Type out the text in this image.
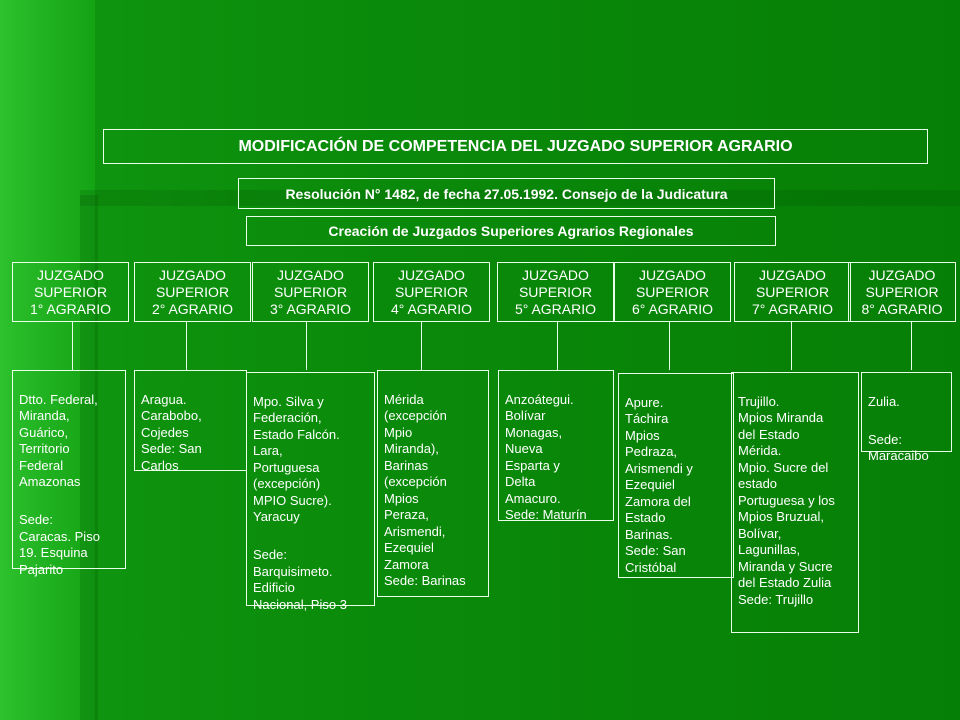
MODIFICACIÓN DE COMPETENCIA DEL JUZGADO SUPERIOR AGRARIO
Resolución N° 1482, de fecha 27.05.1992. Consejo de la Judicatura
Creación de Juzgados Superiores Agrarios Regionales
JUZGADO
SUPERIOR
1° AGRARIO
JUZGADO
SUPERIOR
2° AGRARIO
JUZGADO
SUPERIOR
3° AGRARIO
JUZGADO
SUPERIOR
4° AGRARIO
JUZGADO
SUPERIOR
5° AGRARIO
JUZGADO
SUPERIOR
6° AGRARIO
JUZGADO
SUPERIOR
7° AGRARIO
JUZGADO
SUPERIOR
8° AGRARIO

Dtto. Federal,
Miranda,
Guárico,
Territorio
Federal
Amazonas

Sede:
Caracas. Piso
19. Esquina
Pajarito

Aragua.
Carabobo,
Cojedes
Sede: San
Carlos

Mpo. Silva y
Federación,
Estado Falcón.
Lara,
Portuguesa
(excepción)
MPIO Sucre).
Yaracuy

Sede:
Barquisimeto.
Edificio
Nacional, Piso 3

Mérida
(excepción
Mpio
Miranda),
Barinas
(excepción
Mpios
Peraza,
Arismendi,
Ezequiel
Zamora
Sede: Barinas

Anzoátegui.
Bolívar
Monagas,
Nueva
Esparta y
Delta
Amacuro.
Sede: Maturín

Apure.
Táchira
Mpios
Pedraza,
Arismendi y
Ezequiel
Zamora del
Estado
Barinas.
Sede: San
Cristóbal

Trujillo.
Mpios Miranda
del Estado
Mérida.
Mpio. Sucre del
estado
Portuguesa y los
Mpios Bruzual,
Bolívar,
Lagunillas,
Miranda y Sucre
del Estado Zulia
Sede: Trujillo

Zulia.

Sede:
Maracaibo
